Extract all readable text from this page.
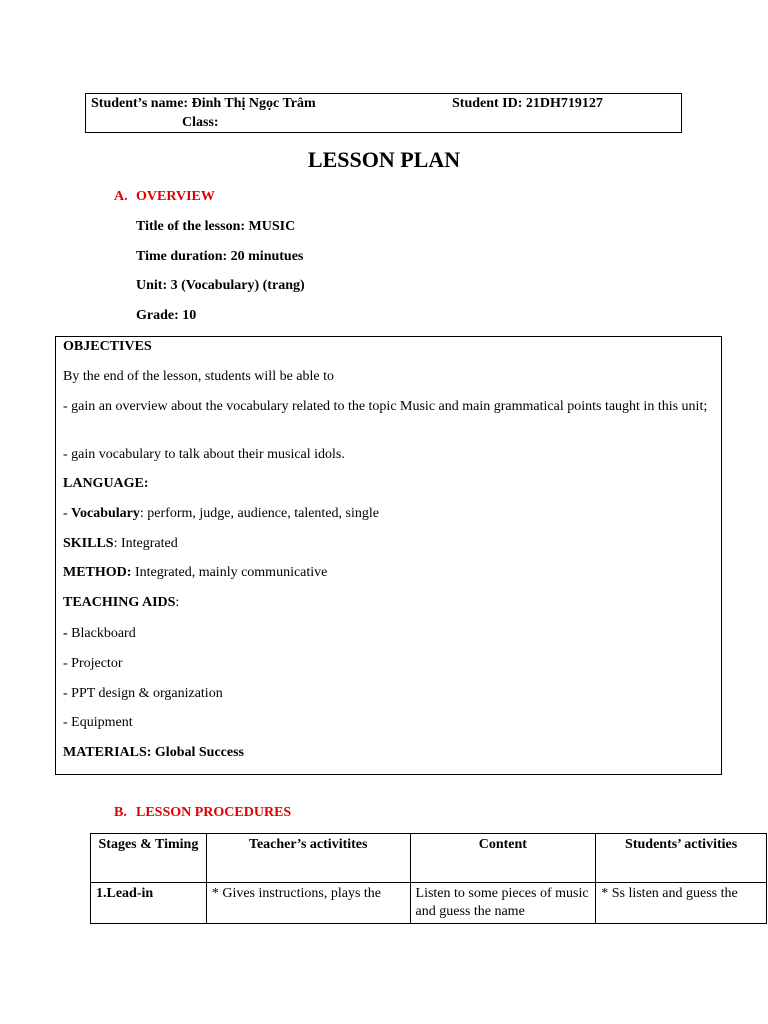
Student’s name: Đinh Thị Ngọc Trâm
Class:
Student ID: 21DH719127
LESSON PLAN
A. OVERVIEW
Title of the lesson: MUSIC
Time duration: 20 minutues
Unit: 3 (Vocabulary) (trang)
Grade: 10
OBJECTIVES
By the end of the lesson, students will be able to
- gain an overview about the vocabulary related to the topic Music and main grammatical points taught in this unit;
- gain vocabulary to talk about their musical idols.
LANGUAGE:
- Vocabulary: perform, judge, audience, talented, single
SKILLS: Integrated
METHOD: Integrated, mainly communicative
TEACHING AIDS:
- Blackboard
- Projector
- PPT design & organization
- Equipment
MATERIALS: Global Success
B. LESSON PROCEDURES
Stages & Timing	Teacher’s activitites	Content	Students’ activities
1.Lead-in	* Gives instructions, plays the	Listen to some pieces of music and guess the name	* Ss listen and guess the
